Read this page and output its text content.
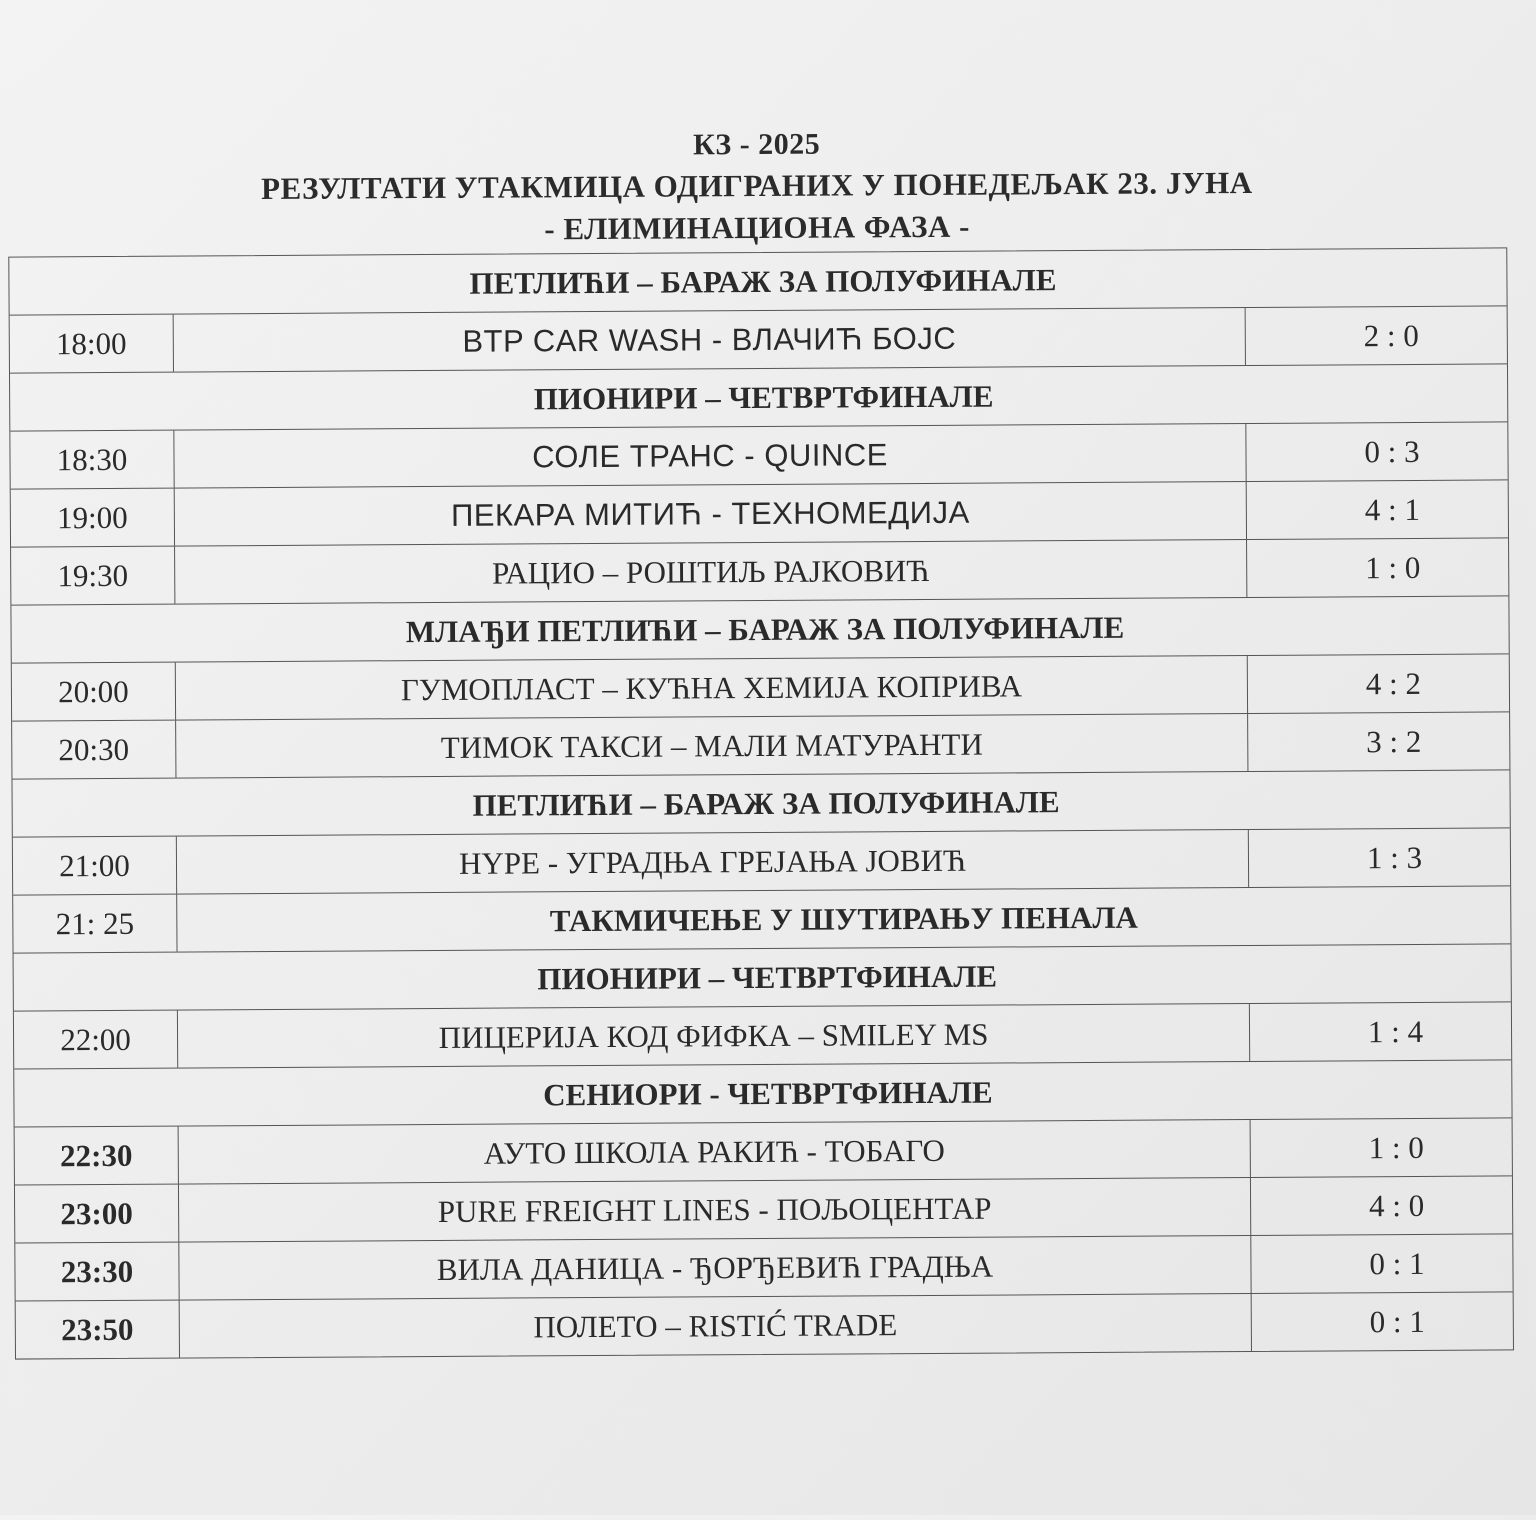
КЗ - 2025
РЕЗУЛТАТИ УТАКМИЦА ОДИГРАНИХ У ПОНЕДЕЉАК 23. ЈУНА
- ЕЛИМИНАЦИОНА ФАЗА -
ПЕТЛИЋИ – БАРАЖ ЗА ПОЛУФИНАЛЕ
18:00	BTP CAR WASH - ВЛАЧИЋ БОЈС	2 : 0
ПИОНИРИ – ЧЕТВРТФИНАЛЕ
18:30	СОЛЕ ТРАНС - QUINCE	0 : 3
19:00	ПЕКАРА МИТИЋ - ТЕХНОМЕДИЈА	4 : 1
19:30	РАЦИО – РОШТИЉ РАЈКОВИЋ	1 : 0
МЛАЂИ ПЕТЛИЋИ – БАРАЖ ЗА ПОЛУФИНАЛЕ
20:00	ГУМОПЛАСТ – КУЋНА ХЕМИЈА КОПРИВА	4 : 2
20:30	ТИМОК ТАКСИ – МАЛИ МАТУРАНТИ	3 : 2
ПЕТЛИЋИ – БАРАЖ ЗА ПОЛУФИНАЛЕ
21:00	HYPE - УГРАДЊА ГРЕЈАЊА ЈОВИЋ	1 : 3
21: 25	ТАКМИЧЕЊЕ У ШУТИРАЊУ ПЕНАЛА
ПИОНИРИ – ЧЕТВРТФИНАЛЕ
22:00	ПИЦЕРИЈА КОД ФИФКА – SMILEY MS	1 : 4
СЕНИОРИ - ЧЕТВРТФИНАЛЕ
22:30	АУТО ШКОЛА РАКИЋ - ТОБАГО	1 : 0
23:00	PURE FREIGHT LINES - ПОЉОЦЕНТАР	4 : 0
23:30	ВИЛА ДАНИЦА - ЂОРЂЕВИЋ ГРАДЊА	0 : 1
23:50	ПОЛЕТО – RISTIĆ TRADE	0 : 1
